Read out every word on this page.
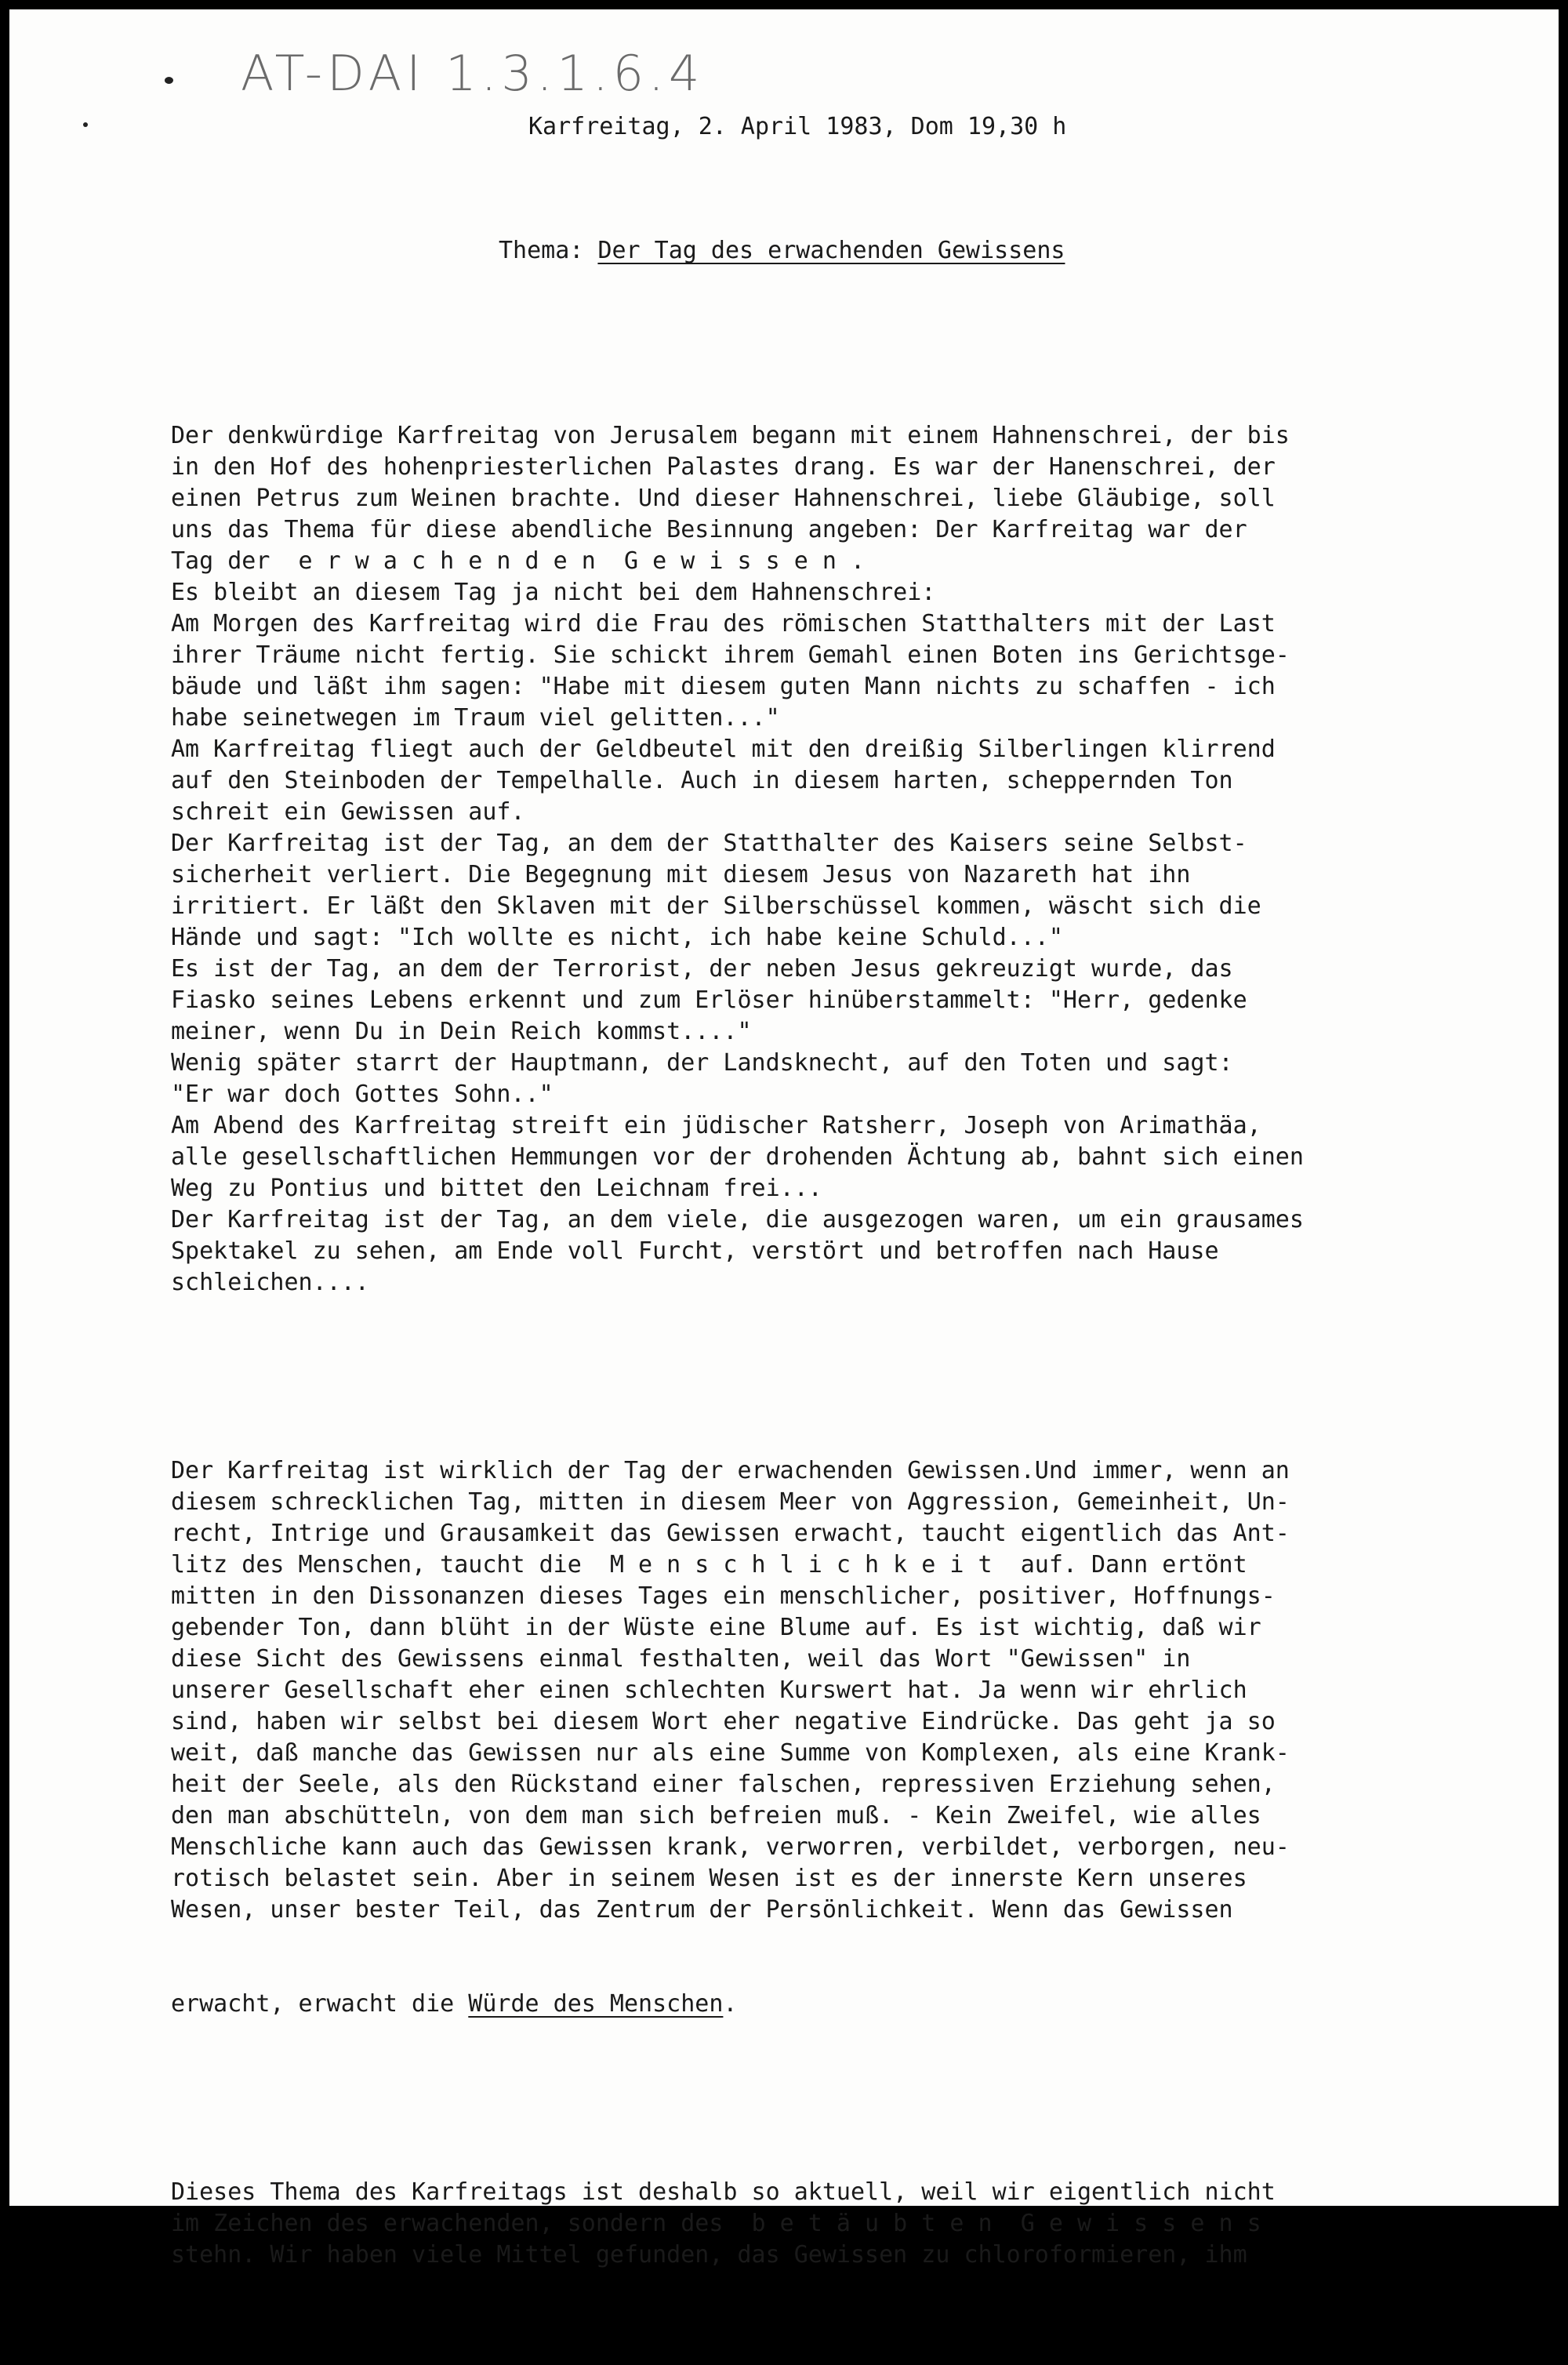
AT-DAI 1.3.1.6.4
Karfreitag, 2. April 1983, Dom 19,30 h
Thema: Der Tag des erwachenden Gewissens

Der denkwürdige Karfreitag von Jerusalem begann mit einem Hahnenschrei, der bis
in den Hof des hohenpriesterlichen Palastes drang. Es war der Hanenschrei, der
einen Petrus zum Weinen brachte. Und dieser Hahnenschrei, liebe Gläubige, soll
uns das Thema für diese abendliche Besinnung angeben: Der Karfreitag war der
Tag der  e r w a c h e n d e n  G e w i s s e n .
Es bleibt an diesem Tag ja nicht bei dem Hahnenschrei:
Am Morgen des Karfreitag wird die Frau des römischen Statthalters mit der Last
ihrer Träume nicht fertig. Sie schickt ihrem Gemahl einen Boten ins Gerichtsge-
bäude und läßt ihm sagen: "Habe mit diesem guten Mann nichts zu schaffen - ich
habe seinetwegen im Traum viel gelitten..."
Am Karfreitag fliegt auch der Geldbeutel mit den dreißig Silberlingen klirrend
auf den Steinboden der Tempelhalle. Auch in diesem harten, scheppernden Ton
schreit ein Gewissen auf.
Der Karfreitag ist der Tag, an dem der Statthalter des Kaisers seine Selbst-
sicherheit verliert. Die Begegnung mit diesem Jesus von Nazareth hat ihn
irritiert. Er läßt den Sklaven mit der Silberschüssel kommen, wäscht sich die
Hände und sagt: "Ich wollte es nicht, ich habe keine Schuld..."
Es ist der Tag, an dem der Terrorist, der neben Jesus gekreuzigt wurde, das
Fiasko seines Lebens erkennt und zum Erlöser hinüberstammelt: "Herr, gedenke
meiner, wenn Du in Dein Reich kommst...."
Wenig später starrt der Hauptmann, der Landsknecht, auf den Toten und sagt:
"Er war doch Gottes Sohn.."
Am Abend des Karfreitag streift ein jüdischer Ratsherr, Joseph von Arimathäa,
alle gesellschaftlichen Hemmungen vor der drohenden Ächtung ab, bahnt sich einen
Weg zu Pontius und bittet den Leichnam frei...
Der Karfreitag ist der Tag, an dem viele, die ausgezogen waren, um ein grausames
Spektakel zu sehen, am Ende voll Furcht, verstört und betroffen nach Hause
schleichen....

Der Karfreitag ist wirklich der Tag der erwachenden Gewissen.Und immer, wenn an
diesem schrecklichen Tag, mitten in diesem Meer von Aggression, Gemeinheit, Un-
recht, Intrige und Grausamkeit das Gewissen erwacht, taucht eigentlich das Ant-
litz des Menschen, taucht die  M e n s c h l i c h k e i t  auf. Dann ertönt
mitten in den Dissonanzen dieses Tages ein menschlicher, positiver, Hoffnungs-
gebender Ton, dann blüht in der Wüste eine Blume auf. Es ist wichtig, daß wir
diese Sicht des Gewissens einmal festhalten, weil das Wort "Gewissen" in
unserer Gesellschaft eher einen schlechten Kurswert hat. Ja wenn wir ehrlich
sind, haben wir selbst bei diesem Wort eher negative Eindrücke. Das geht ja so
weit, daß manche das Gewissen nur als eine Summe von Komplexen, als eine Krank-
heit der Seele, als den Rückstand einer falschen, repressiven Erziehung sehen,
den man abschütteln, von dem man sich befreien muß. - Kein Zweifel, wie alles
Menschliche kann auch das Gewissen krank, verworren, verbildet, verborgen, neu-
rotisch belastet sein. Aber in seinem Wesen ist es der innerste Kern unseres
Wesen, unser bester Teil, das Zentrum der Persönlichkeit. Wenn das Gewissen

erwacht, erwacht die Würde des Menschen.

Dieses Thema des Karfreitags ist deshalb so aktuell, weil wir eigentlich nicht
im Zeichen des erwachenden, sondern des  b e t ä u b t e n  G e w i s s e n s
stehn. Wir haben viele Mittel gefunden, das Gewissen zu chloroformieren, ihm
